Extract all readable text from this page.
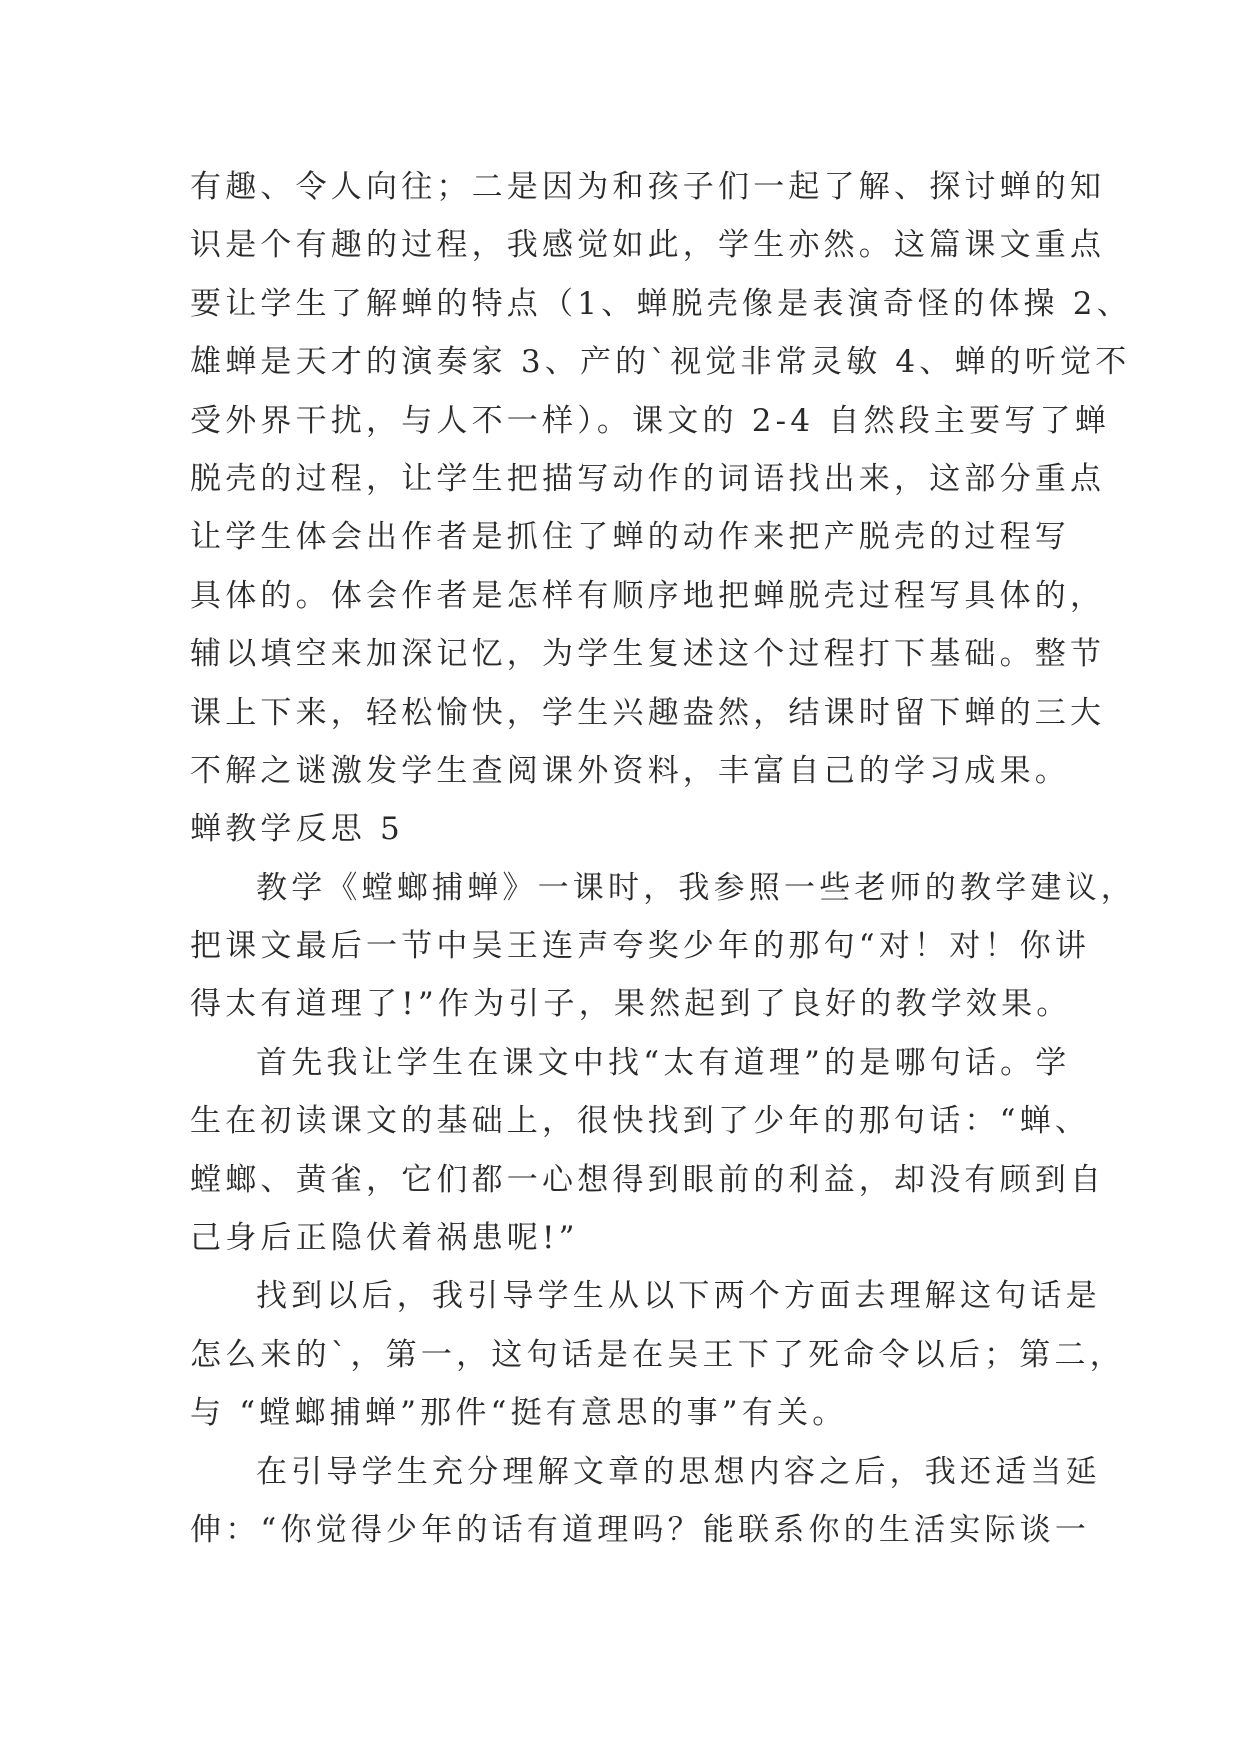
有趣、令人向往；二是因为和孩子们一起了解、探讨蝉的知
识是个有趣的过程，我感觉如此，学生亦然。这篇课文重点
要让学生了解蝉的特点（1、蝉脱壳像是表演奇怪的体操 2、
雄蝉是天才的演奏家 3、产的`视觉非常灵敏 4、蝉的听觉不
受外界干扰，与人不一样）。课文的 2-4 自然段主要写了蝉
脱壳的过程，让学生把描写动作的词语找出来，这部分重点
让学生体会出作者是抓住了蝉的动作来把产脱壳的过程写
具体的。体会作者是怎样有顺序地把蝉脱壳过程写具体的，
辅以填空来加深记忆，为学生复述这个过程打下基础。整节
课上下来，轻松愉快，学生兴趣盎然，结课时留下蝉的三大
不解之谜激发学生查阅课外资料，丰富自己的学习成果。
蝉教学反思 5
教学《螳螂捕蝉》一课时，我参照一些老师的教学建议，
把课文最后一节中吴王连声夸奖少年的那句“对！对！你讲
得太有道理了!”作为引子，果然起到了良好的教学效果。
首先我让学生在课文中找“太有道理”的是哪句话。学
生在初读课文的基础上，很快找到了少年的那句话：“蝉、
螳螂、黄雀，它们都一心想得到眼前的利益，却没有顾到自
己身后正隐伏着祸患呢!”
找到以后，我引导学生从以下两个方面去理解这句话是
怎么来的`，第一，这句话是在吴王下了死命令以后；第二，
与 “螳螂捕蝉”那件“挺有意思的事”有关。
在引导学生充分理解文章的思想内容之后，我还适当延
伸：“你觉得少年的话有道理吗？能联系你的生活实际谈一
